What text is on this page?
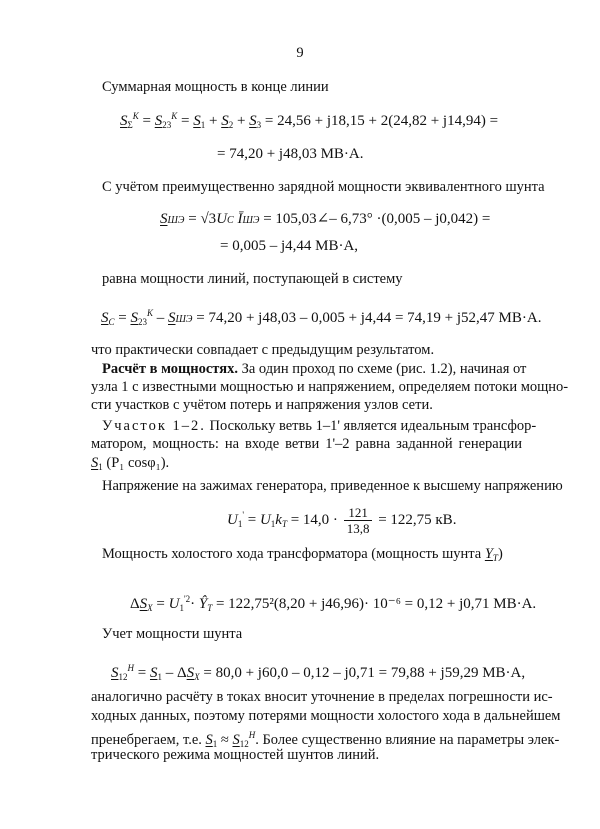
9
Суммарная мощность в конце линии
$S_\Sigma^K = S_{23}^K = S_1 + S_2 + S_3 = 24,56 + j18,15 + 2(24,82 + j14,94)$ =
= 74,20 + j48,03 МВ·А.
С учётом преимущественно зарядной мощности эквивалентного шунта
SШЭ = √3UC ĪШЭ = 105,03∠– 6,73° ·(0,005 – j0,042) =
= 0,005 – j4,44 МВ·А,
равна мощности линий, поступающей в систему
$S_C = S_{23}^K$ – SШЭ = 74,20 + j48,03 – 0,005 + j4,44 = 74,19 + j52,47 МВ·А.
что практически совпадает с предыдущим результатом.
Расчёт в мощностях. За один проход по схеме (рис. 1.2), начиная от
узла 1 с известными мощностью и напряжением, определяем потоки мощно-
сти участков с учётом потерь и напряжения узлов сети.
Участок 1–2. Поскольку ветвь 1–1' является идеальным трансфор-
матором, мощность: на входе ветви 1'–2 равна заданной генерации
$S_1$ (P₁ cosφ₁).
Напряжение на зажимах генератора, приведенное к высшему напряжению
$U_1' = U_1k_T = 14,0 \cdot \frac{121}{13,8} = 122,75$ кВ.
Мощность холостого хода трансформатора (мощность шунта $Y_T$)
$\Delta S_X = U_1^{'2}\cdot$ $Ŷ_T = 122,75^2(8,20 + j46,96)\cdot 10^{-6} = 0,12 + j0,71$ МВ·А.
Учет мощности шунта
$S_{12}^H = S_1 - \Delta S_X = 80,0 + j60,0 - 0,12 - j0,71 = 79,88 + j59,29$ МВ·А,
аналогично расчёту в токах вносит уточнение в пределах погрешности ис-
ходных данных, поэтому потерями мощности холостого хода в дальнейшем
пренебрегаем, т.е. $S_1 \approx S_{12}^H$. Более существенно влияние на параметры элек-
трического режима мощностей шунтов линий.
